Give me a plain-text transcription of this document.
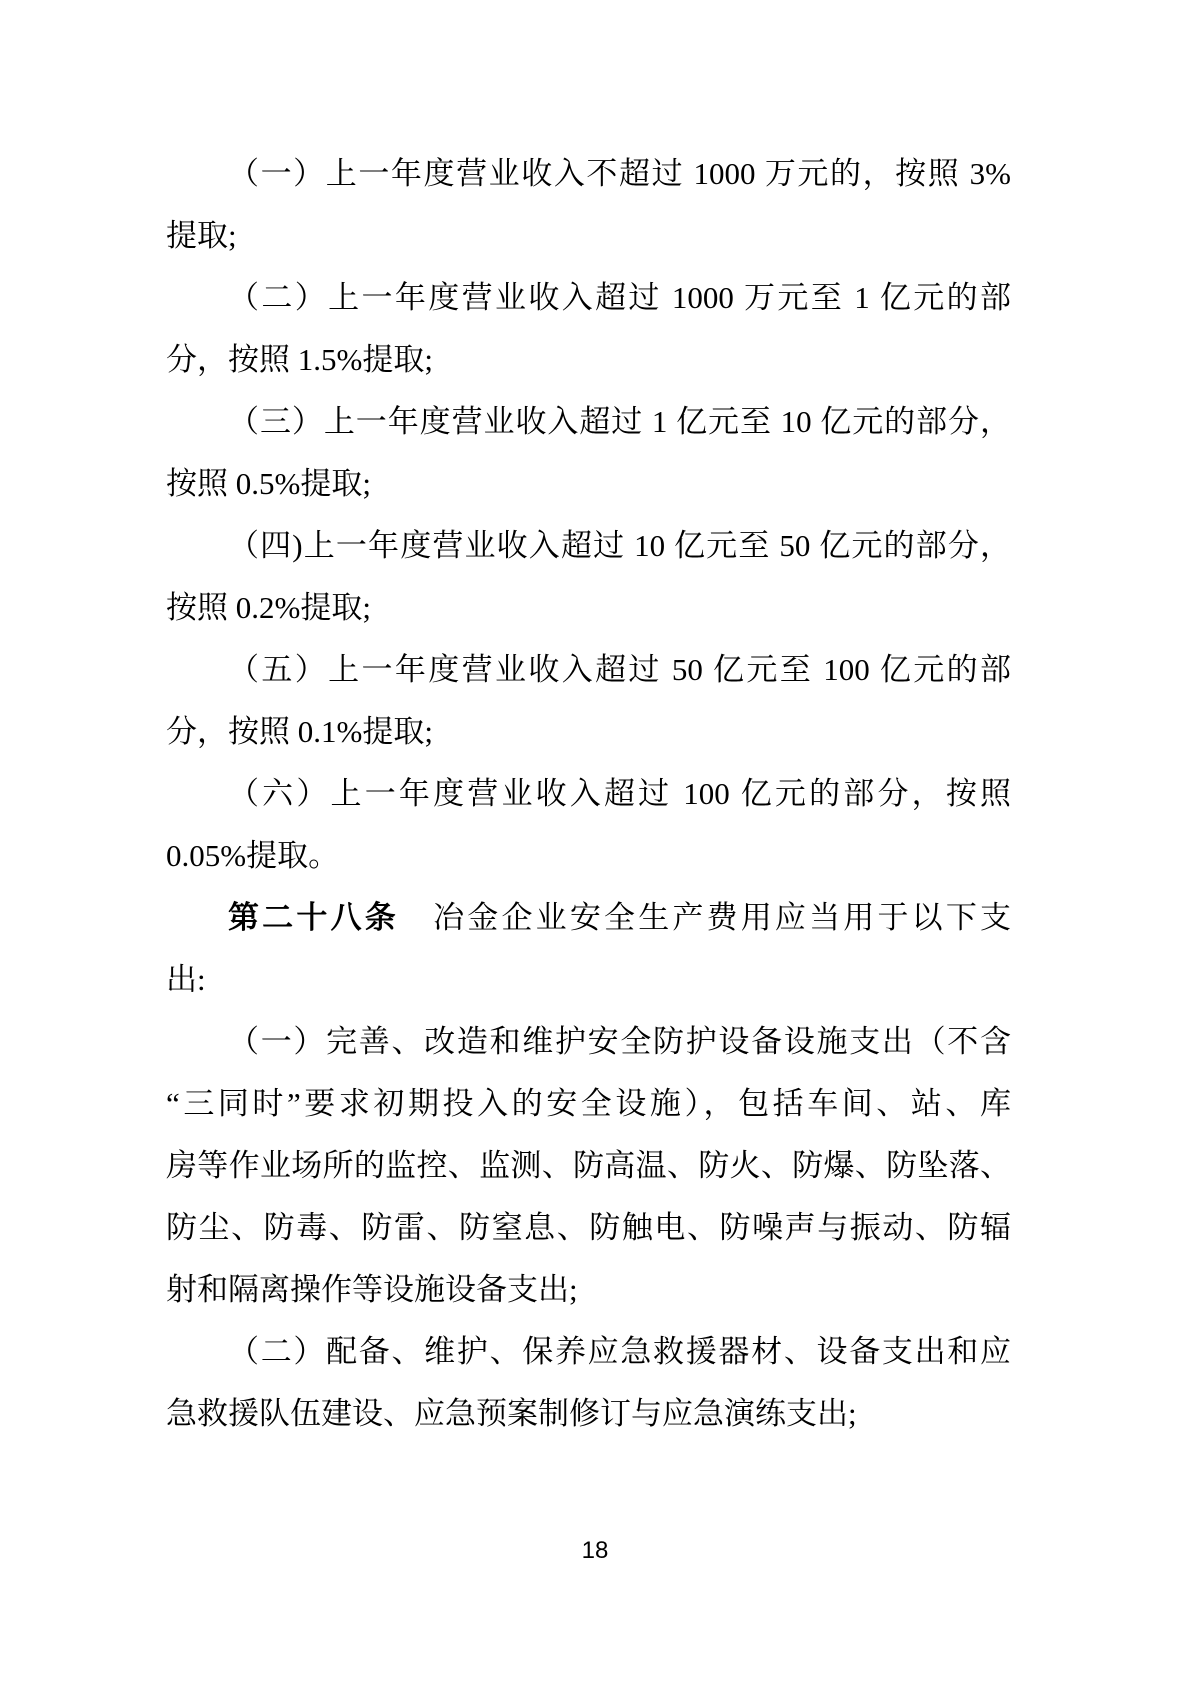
（一）上一年度营业收入不超过 1000 万元的，按照 3%
提取;
（二）上一年度营业收入超过 1000 万元至 1 亿元的部
分，按照 1.5%提取;
（三）上一年度营业收入超过 1 亿元至 10 亿元的部分，
按照 0.5%提取;
（四)上一年度营业收入超过 10 亿元至 50 亿元的部分，
按照 0.2%提取;
（五）上一年度营业收入超过 50 亿元至 100 亿元的部
分，按照 0.1%提取;
（六）上一年度营业收入超过 100 亿元的部分，按照
0.05%提取。
第二十八条　冶金企业安全生产费用应当用于以下支
出:
（一）完善、改造和维护安全防护设备设施支出（不含
“三同时”要求初期投入的安全设施），包括车间、站、库
房等作业场所的监控、监测、防高温、防火、防爆、防坠落、
防尘、防毒、防雷、防窒息、防触电、防噪声与振动、防辐
射和隔离操作等设施设备支出;
（二）配备、维护、保养应急救援器材、设备支出和应
急救援队伍建设、应急预案制修订与应急演练支出;
18
